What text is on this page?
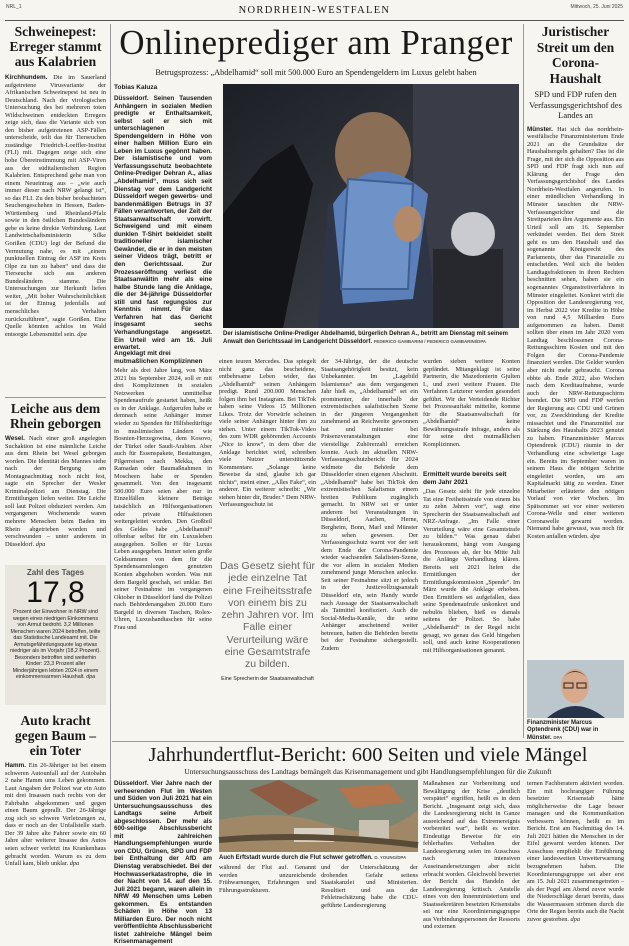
NRL_1	NORDRHEIN-WESTFALEN	Mittwoch, 25. Juni 2025
Schweinepest: Erreger stammt aus Kalabrien
Kirchhundem. Die im Sauerland aufgetretene Virusvariante der Afrikanischen Schweinepest ist neu in Deutschland. Nach der virologischen Untersuchung des bei mehreren toten Wildschweinen entdeckten Erregers zeige sich, dass die Variante sich von den bisher aufgetretenen ASP-Fällen unterscheide, teilt das für Tierseuchen zuständige Friedrich-Loeffler-Institut (FLI) mit. Dagegen zeige sich eine hohe Übereinstimmung mit ASP-Viren aus der süditalienischen Region Kalabrien. Entsprechend gehe man von einem Neueintrag aus – „wie auch immer dieser nach NRW gelangt ist“, so das FLI. Zu den bisher beobachteten Seuchengeschehen in Hessen, Baden-Württemberg und Rheinland-Pfalz sowie in den östlichen Bundesländern gebe es keine direkte Verbindung. Laut Landwirtschaftsministerin Silke Gorißen (CDU) legt der Befund die Vermutung nahe, es mit „einem punktuellen Eintrag der ASP im Kreis Olpe zu tun zu haben“ und dass die Tierseuche sich aus anderen Bundesländern stamme. Die Untersuchungen zur Herkunft liefen weiter, „Mit hoher Wahrscheinlichkeit ist der Eintrag jedenfalls auf menschliches Verhalten zurückzuführen“, sagte Gorißen. Eine Quelle könnten achtlos im Wald entsorgte Lebensmittel sein. dpa
Leiche aus dem Rhein geborgen
Wesel. Nach einer groß angelegten Suchaktion ist eine männliche Leiche aus dem Rhein bei Wesel geborgen worden. Die Identität des Mannes stehe nach der Bergung am Montagnachmittag noch nicht fest, sagte ein Sprecher der Wesler Kriminalpolizei am Dienstag. Die Ermittlungen liefen weiter. Die Leiche soll laut Polizei obduziert werden. Am vergangenen Wochenende waren mehrere Menschen beim Baden im Rhein abgetrieben worden und verschwunden – unter anderem in Düsseldorf. dpa
Zahl des Tages
17,8
Prozent der Einwohner in NRW sind wegen eines niedrigen Einkommens von Armut bedroht. 3,2 Millionen Menschen waren 2024 betroffen, teilte das Statistische Landesamt mit. Die Armutsgefährdungsquote lag etwas niedriger als im Vorjahr (18,2 Prozent). Besonders betroffen sind weiterhin Kinder: 23,3 Prozent aller Minderjährigen lebten 2024 in einem einkommensarmen Haushalt. dpa
Auto kracht gegen Baum – ein Toter
Hamm. Ein 26-Jähriger ist bei einem schweren Autounfall auf der Autobahn 2 nahe Hamm ums Leben gekommen. Laut Angaben der Polizei war ein Auto mit drei Insassen nach rechts von der Fahrbahn abgekommen und gegen einen Baum geprallt. Der 26-Jährige zog sich so schwere Verletzungen zu, dass er noch an der Unfallstelle starb. Der 39 Jahre alte Fahrer sowie ein 60 Jahre alter weiterer Insasse des Autos seien schwer verletzt ins Krankenhaus gebracht worden. Warum es zu dem Unfall kam, blieb unklar. dpa
Onlineprediger am Pranger
Betrugsprozess: „Abdelhamid“ soll mit 500.000 Euro an Spendengeldern im Luxus gelebt haben
Tobias Kaluza
Düsseldorf. Seinen Tausenden Anhängern in sozialen Medien predigte er Enthaltsamkeit, selbst soll er sich mit unterschlagenen Spendengeldern in Höhe von einer halben Million Euro ein Leben im Luxus gegönnt haben. Der islamistische und vom Verfassungsschutz beobachtete Online-Prediger Dehran A., alias „Abdelhamid“, muss sich seit Dienstag vor dem Landgericht Düsseldorf wegen gewerbs- und bandenmäßigen Betrugs in 37 Fällen verantworten, der Zeit der Staatsanwaltschaft vorwirft. Schweigend und mit einem dunklen T-Shirt bekleidet stellt traditioneller islamischer Gewänder, die er in den meisten seiner Videos trägt, betritt er den Gerichtssaal. Zur Prozesseröffnung verliest die Staatsanwältin mehr als eine halbe Stunde lang die Anklage, die der 34-jährige Düsseldorfer still und fast regungslos zur Kenntnis nimmt. Für das Verfahren hat das Gericht insgesamt sechs Verhandlungstage angesetzt. Ein Urteil wird am 16. Juli erwartet.
Der islamistische Online-Prediger Abdelhamid, bürgerlich Dehran A., betritt am Dienstag mit seinem Anwalt den Gerichtssaal im Landgericht Düsseldorf. FEDERICO GAMBARINI / FEDERICO GAMBARINI/DPA
Angeklagt mit drei mutmaßlichen Komplizinnen
Mehr als drei Jahre lang, von März 2021 bis September 2024, soll er mit drei Komplizinnen in sozialen Netzwerken unmittelbar Spendenaufrufe gestartet haben, heißt es in der Anklage. Aufgerufen habe er demnach seine Anhänger immer wieder zu Spenden für Hilfsbedürftige in muslimischen Ländern wie Bosnien-Herzegowina, dem Kosovo, der Türkei oder Saudi-Arabien. Aber auch für Essenspakete, Bestattungen, Pilgerreisen nach Mekka, den Ramadan oder Baumaßnahmen in Moscheen habe er Spenden gesammelt. Von den insgesamt 500.000 Euro seien aber nur in Einzelfällen kleinere Beträge tatsächlich an Hilfsorganisationen oder private Hilfsaktionen weitergeleitet worden. Den Großteil des Geldes habe „Abdelhamid“ offenbar selbst für ein Luxusleben ausgegeben. Sollen er für Luxus Leben ausgegeben. Immer seien große Geldsummen von dem für die Spendensammlungen genutzten Konten abgehoben worden. Was mit dem Bargeld geschah, sei unklar. Bei seiner Festnahme im vergangenen Oktober in Düsseldorf fand die Polizei nach Behördenangaben 20.000 Euro Bargeld in diversen Taschen, Rolex-Uhren, Luxushandtaschen für seine Frau und
einen teuren Mercedes. Das spiegelt nicht ganz das bescheidene, entbehrsame Leben wider, das „Abdelhamid“ seinen Anhängern predigt. Rund 200.000 Menschen folgen ihm bei Instagram. Bei TikTok haben seine Videos 15 Millionen Likes. Trotz der Vorwürfe scheinen viele seiner Anhänger hinter ihm zu stehen. Unter einem TikTok-Video des zum WDR gehörenden Accounts „Nice to know“, in dem über die Anklage berichtet wird, schreiben viele Nutzer unterstützende Kommentare. „Solange keine Beweise da sind, glaube ich gar nichts“, meint einer. „Alles Fake“, ein anderer. Ein weiterer schreibt: „Wir stehen hinter dir, Bruder.“ Dem NRW-Verfassungsschutz ist
Das Gesetz sieht für jede einzelne Tat eine Freiheitsstrafe von einem bis zu zehn Jahren vor. Im Falle einer Verurteilung wäre eine Gesamtstrafe zu bilden.
Eine Sprecherin der Staatsanwaltschaft
der 34-Jährige, der die deutsche Staatsangehörigkeit besitzt, kein Unbekannter. Im „Lagebild Islamismus“ aus dem vergangenen Jahr hieß es, „Abdelhamid“ sei ein prominenter, der innerhalb der extremistischen salafistischen Szene in der jüngeren Vergangenheit zunehmend an Reichweite gewonnen hat und mitunter bei Präsenzveranstaltungen eine vierstellige Zuhörerzahl erreichen konnte. Auch im aktuellen NRW-Verfassungsschutzbericht für 2024 widmete die Behörde dem Düsseldorfer einen eigenen Abschnitt. „Abdelhamid“ habe bei TikTok den extremistischen Salafismus einem breiten Publikum zugänglich gemacht. In NRW sei er unter anderem bei Veranstaltungen in Düsseldorf, Aachen, Herne, Bergheim, Bonn, Marl und Münster zu sehen gewesen. Der Verfassungsschutz warnt vor der seit dem Ende der Corona-Pandemie wieder wachsenden Salafisten-Szene, die vor allem in sozialen Medien zunehmend junge Menschen anlocke. Seit seiner Festnahme sitzt er jedoch in der Justizvollzugsanstalt Düsseldorf ein, sein Handy wurde nach Aussage der Staatsanwaltschaft als Tatmittel konfisziert. Auch die Social-Media-Kanäle, die seine Anhänger anscheinend weiter betreuen, hatten die Behörden bereits bei der Festnahme sichergestellt. Zudem
wurden sieben weitere Konten gepfändet. Mitangeklagt ist seine Partnerin, die Mazedonierin Gjulten I., und zwei weitere Frauen. Die Verfahren Letzterer werden gesondert geführt. Wir der Verteidende Richter bei Prozessauftakt mitteilte, komme für die Staatsanwaltschaft für „Abdelhamid“ keine Bewährungsstrafe infrage, anders als für seine drei mutmaßlichen Komplizinnen.
Ermittelt wurde bereits seit dem Jahr 2021
„Das Gesetz sieht für jede einzelne Tat eine Freiheitsstrafe von einem bis zu zehn Jahren vor“, sagt eine Sprecherin der Staatsanwaltschaft auf NRZ-Anfrage. „Im Falle einer Verurteilung wäre eine Gesamtstrafe zu bilden.“ Was genau dabei herauskommt, hängt vom Ausgang des Prozesses ab, der bis Mitte Juli die Anfänge Verhandlung klären. Bereits seit 2021 liefen die Ermittlungen der Ermittlungskommission „Spende“. Im März wurde die Anklage erhoben. Den Ermittlern sei aufgefallen, dass seine Spendenaufrufe unkonkret und nebulös blieben, hieß es damals seitens der Polizei. So habe „Abdelhamid“ in der Regel nicht gesagt, wo genau das Geld hingehen soll, und auch keine Kooperationen mit Hilfsorganisationen genannt.
Juristischer Streit um den Corona-Haushalt
SPD und FDP rufen den Verfassungsgerichtshof des Landes an
Münster. Hat sich das nordrhein-westfälische Finanzministerium Ende 2021 an die Grundsätze der Haushaltsregeln gehalten? Das ist die Frage, mit der sich die Opposition aus SPD und FDP fragt sich nun auf Klärung der Frage den Verfassungsgerichtshof des Landes Nordrhein-Westfalen angerufen. In einer mündlichen Verhandlung in Münster tauschten die NRW-Verfassungsrichter und die Streitparteien ihre Argumente aus. Ein Urteil soll am 16. September verkündet werden. Bei dem Streit geht es um den Haushalt und das sogenannte Königsrecht des Parlaments, über das Finanzielle zu entscheiden. Weil sich die beiden Landtagsfraktionen in ihren Rechten beschnitten sehen, haben sie ein sogenanntes Organstreitverfahren in Münster eingeleitet. Konkret wirft die Opposition der Landesregierung vor, im Herbst 2022 vier Kredite in Höhe von rund 4,5 Milliarden Euro aufgenommen zu haben. Damit sollten über einen im Jahr 2020 vom Landtag beschlossenen Corona-Rettungsschirm Kosten und mit den Folgen der Corona-Pandemie finanziert werden. Die Gelder wurden aber nicht mehr gebraucht. Corona ebbte ab. Ende 2022, also Wochen nach dem Kreditaufnahme, wurde auch der NRW-Rettungsschirm beendet. Die SPD und FDP werfen der Regierung aus CDU und Grünen vor, zu Zweckbindung der Kredite missachtet und die Finanzmittel zur Stärkung des Haushalts 2023 genutzt zu haben. Finanzminister Marcus Optendrenk (CDU) räumte in der Verhandlung eine schwierige Lage ein. Bereits im September waren in seinem Haus die nötigen Schritte eingeleitet worden, um am Kapitalmarkt tätig zu werden. Einer Mitarbeiter erläuterte den nötigen Vorlauf von vier Wochen. Im Spätsommer sei vor einer weiteren Corona-Welle und einer weiteren Coronawelle gewarnt worden. Niemand habe gewusst, was noch für Kosten anfallen würden. dpa
Finanzminister Marcus Optendrenk (CDU) war in Münster. DPA
Jahrhundertflut-Bericht: 600 Seiten und viele Mängel
Untersuchungsausschuss des Landtags bemängelt das Krisenmanagement und gibt Handlungsempfehlungen für die Zukunft
Düsseldorf. Vier Jahre nach der verheerenden Flut im Westen und Süden von Juli 2021 hat ein Untersuchungsausschuss des Landtags seine Arbeit abgeschlossen. Der mehr als 600-seitige Abschlussbericht mit zahlreichen Handlungsempfehlungen wurde von CDU, Grünen, SPD und FDP bei Enthaltung der AfD am Dienstag verabschiedet. Bei der Hochwasserkatastrophe, die in der Nacht von 14. auf den 15. Juli 2021 begann, waren allein in NRW 49 Menschen ums Leben gekommen. Es entstanden Schäden in Höhe von 13 Milliarden Euro. Der noch nicht veröffentlichte Abschlussbericht listet zahlreiche Mängel beim Krisenmanagement
Auch Erftstadt wurde durch die Flut schwer getroffen. D. YOUNG/DPA
während der Flut auf. Genannt werden unzureichende Frühwarnungen, Erfahrungen und Führungsstrukturen.
und der Unterschätzung der drohenden Gefahr seitens Staatskanzlei und Ministerien. Resultiert und aus der Fehleinschätzung habe die CDU-geführte Landesregierung
Maßnahmen zur Vorbereitung und Bewältigung der Krise „deutlich verspätet“ ergriffen, heißt es in dem Bericht. „Insgesamt zeigt sich, dass die Landesregierung nicht in Ganze ausreichend auf das Extremereignis vorbereitet war“, heißt es weiter. Eindeutige Beweise für ein fehlerhaftes Verhalten der Landesregierung seien im Ausschuss nach intensiven Auseinandersetzungen aber nicht erbracht worden. Gleichwohl bewertet der Bericht das Handeln der Landesregierung kritisch. Anstelle eines von den Innenministerium und Staatssekretären besetzten Krisenstabs sei nur eine Koordinierungsgruppe aus Verbindungspersonen der Ressorts und externen
ternen Fachberatern aktiviert worden. Ein mit hochrangiger Führung besetzter Krisenstab hätte möglicherweise die Lage besser managen und die Kommunikation verbessern können, heißt es im Bericht. Erst am Nachmittag des 14. Juli 2021 hätten die Menschen in der Eifel gewarnt werden können. Der Ausschuss empfiehlt die Einführung einer landesweiten Unwetterwarnung bezugnehmen haben. Die Koordinierungsgruppe sei aber erst am 15. Juli 2021 zusammengetreten – als der Pegel am Abend zuvor wurde die Niederschläge derart bereits, dass die Wassermassen strömen durch die Orte der Regen bereits auch die Nacht zuvor gestorben. dpa
